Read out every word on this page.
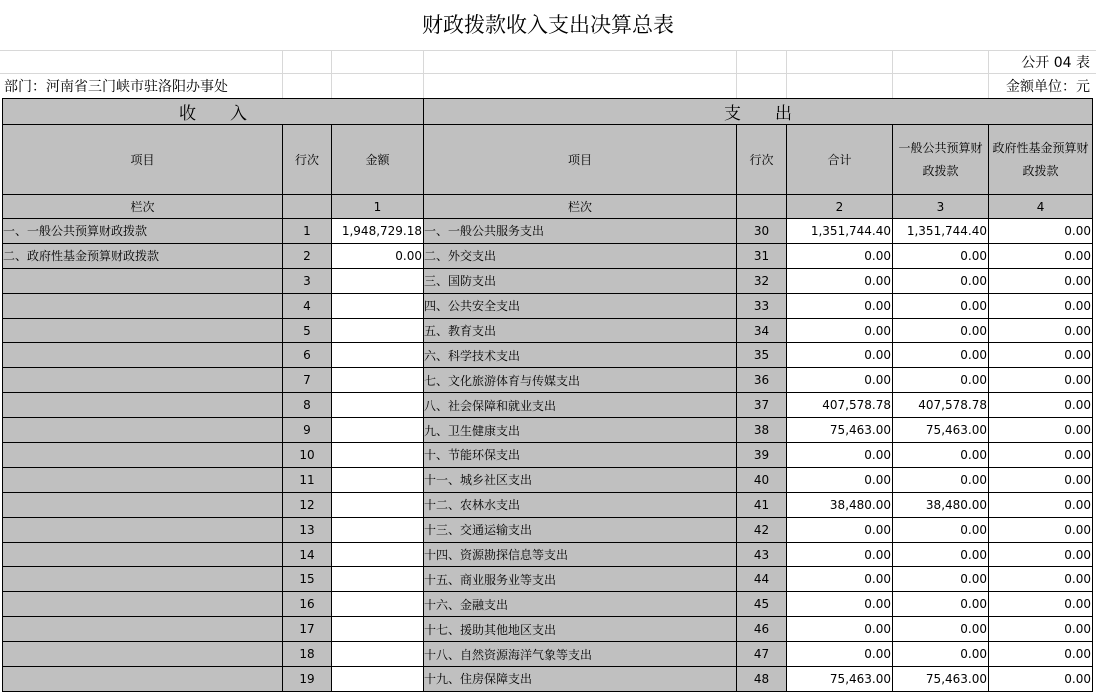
财政拨款收入支出决算总表
公开 04 表
部门：河南省三门峡市驻洛阳办事处	金额单位：元
收　　入			支　　出				
项目	行次	金额	项目	行次	合计	一般公共预算财政拨款	政府性基金预算财政拨款
栏次		1	栏次		2	3	4
一、一般公共预算财政拨款	1	1,948,729.18	一、一般公共服务支出	30	1,351,744.40	1,351,744.40	0.00
二、政府性基金预算财政拨款	2	0.00	二、外交支出	31	0.00	0.00	0.00
	3		三、国防支出	32	0.00	0.00	0.00
	4		四、公共安全支出	33	0.00	0.00	0.00
	5		五、教育支出	34	0.00	0.00	0.00
	6		六、科学技术支出	35	0.00	0.00	0.00
	7		七、文化旅游体育与传媒支出	36	0.00	0.00	0.00
	8		八、社会保障和就业支出	37	407,578.78	407,578.78	0.00
	9		九、卫生健康支出	38	75,463.00	75,463.00	0.00
	10		十、节能环保支出	39	0.00	0.00	0.00
	11		十一、城乡社区支出	40	0.00	0.00	0.00
	12		十二、农林水支出	41	38,480.00	38,480.00	0.00
	13		十三、交通运输支出	42	0.00	0.00	0.00
	14		十四、资源勘探信息等支出	43	0.00	0.00	0.00
	15		十五、商业服务业等支出	44	0.00	0.00	0.00
	16		十六、金融支出	45	0.00	0.00	0.00
	17		十七、援助其他地区支出	46	0.00	0.00	0.00
	18		十八、自然资源海洋气象等支出	47	0.00	0.00	0.00
	19		十九、住房保障支出	48	75,463.00	75,463.00	0.00
